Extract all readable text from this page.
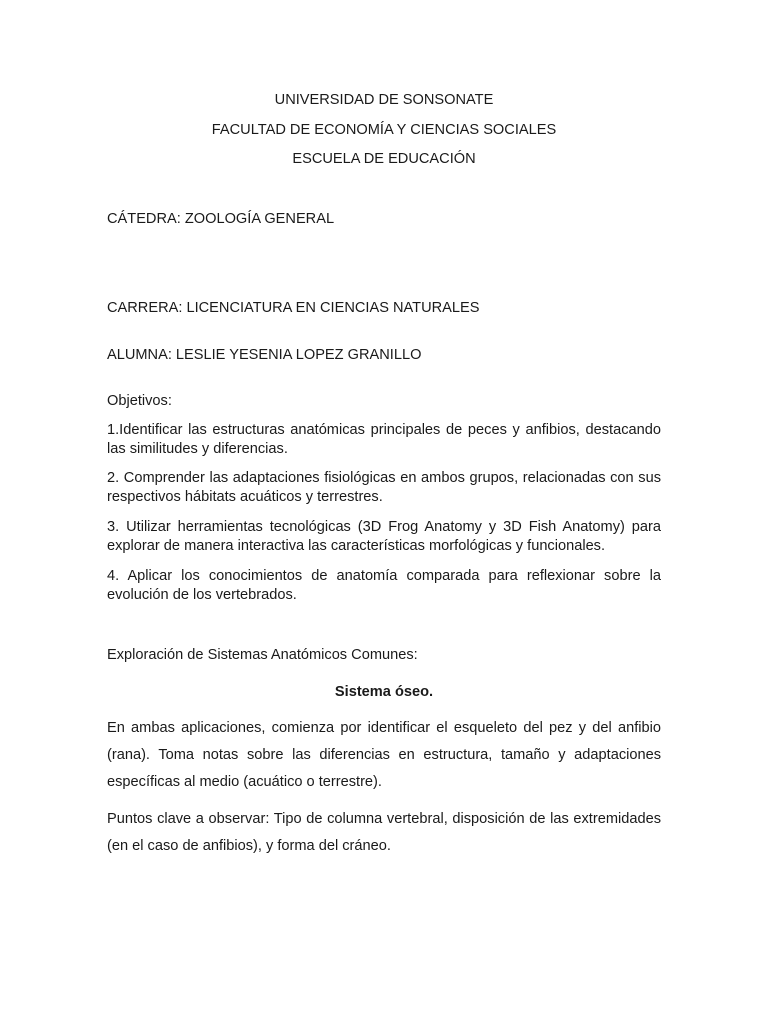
UNIVERSIDAD DE SONSONATE
FACULTAD DE ECONOMÍA Y CIENCIAS SOCIALES
ESCUELA DE EDUCACIÓN
CÁTEDRA: ZOOLOGÍA GENERAL
CARRERA: LICENCIATURA EN CIENCIAS NATURALES
ALUMNA: LESLIE YESENIA LOPEZ GRANILLO
Objetivos:
1.Identificar las estructuras anatómicas principales de peces y anfibios, destacando las similitudes y diferencias.
2. Comprender las adaptaciones fisiológicas en ambos grupos, relacionadas con sus respectivos hábitats acuáticos y terrestres.
3. Utilizar herramientas tecnológicas (3D Frog Anatomy y 3D Fish Anatomy) para explorar de manera interactiva las características morfológicas y funcionales.
4. Aplicar los conocimientos de anatomía comparada para reflexionar sobre la evolución de los vertebrados.
Exploración de Sistemas Anatómicos Comunes:
Sistema óseo.
En ambas aplicaciones, comienza por identificar el esqueleto del pez y del anfibio (rana). Toma notas sobre las diferencias en estructura, tamaño y adaptaciones específicas al medio (acuático o terrestre).
Puntos clave a observar: Tipo de columna vertebral, disposición de las extremidades (en el caso de anfibios), y forma del cráneo.
